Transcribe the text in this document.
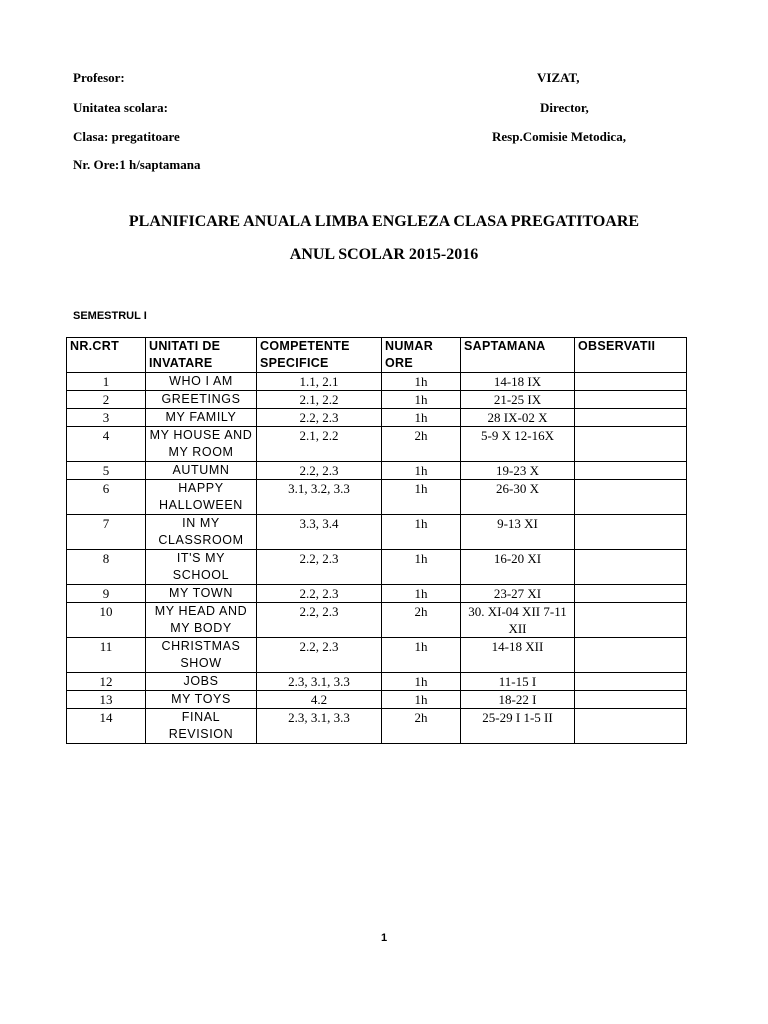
Profesor:
Unitatea scolara:
Clasa: pregatitoare
Nr. Ore:1 h/saptamana
VIZAT,
Director,
Resp.Comisie Metodica,
PLANIFICARE ANUALA LIMBA ENGLEZA CLASA PREGATITOARE
ANUL SCOLAR 2015-2016
SEMESTRUL I
NR.CRT	UNITATI DE INVATARE	COMPETENTE SPECIFICE	NUMAR ORE	SAPTAMANA	OBSERVATII
1	WHO I AM	1.1, 2.1	1h	14-18 IX	
2	GREETINGS	2.1, 2.2	1h	21-25 IX	
3	MY FAMILY	2.2, 2.3	1h	28 IX-02 X	
4	MY HOUSE AND MY ROOM	2.1, 2.2	2h	5-9 X 12-16X	
5	AUTUMN	2.2, 2.3	1h	19-23 X	
6	HAPPY HALLOWEEN	3.1, 3.2, 3.3	1h	26-30 X	
7	IN MY CLASSROOM	3.3, 3.4	1h	9-13 XI	
8	IT'S MY SCHOOL	2.2, 2.3	1h	16-20 XI	
9	MY TOWN	2.2, 2.3	1h	23-27 XI	
10	MY HEAD AND MY BODY	2.2, 2.3	2h	30. XI-04 XII 7-11 XII	
11	CHRISTMAS SHOW	2.2, 2.3	1h	14-18 XII	
12	JOBS	2.3, 3.1, 3.3	1h	11-15 I	
13	MY TOYS	4.2	1h	18-22 I	
14	FINAL REVISION	2.3, 3.1, 3.3	2h	25-29 I 1-5 II	
1
